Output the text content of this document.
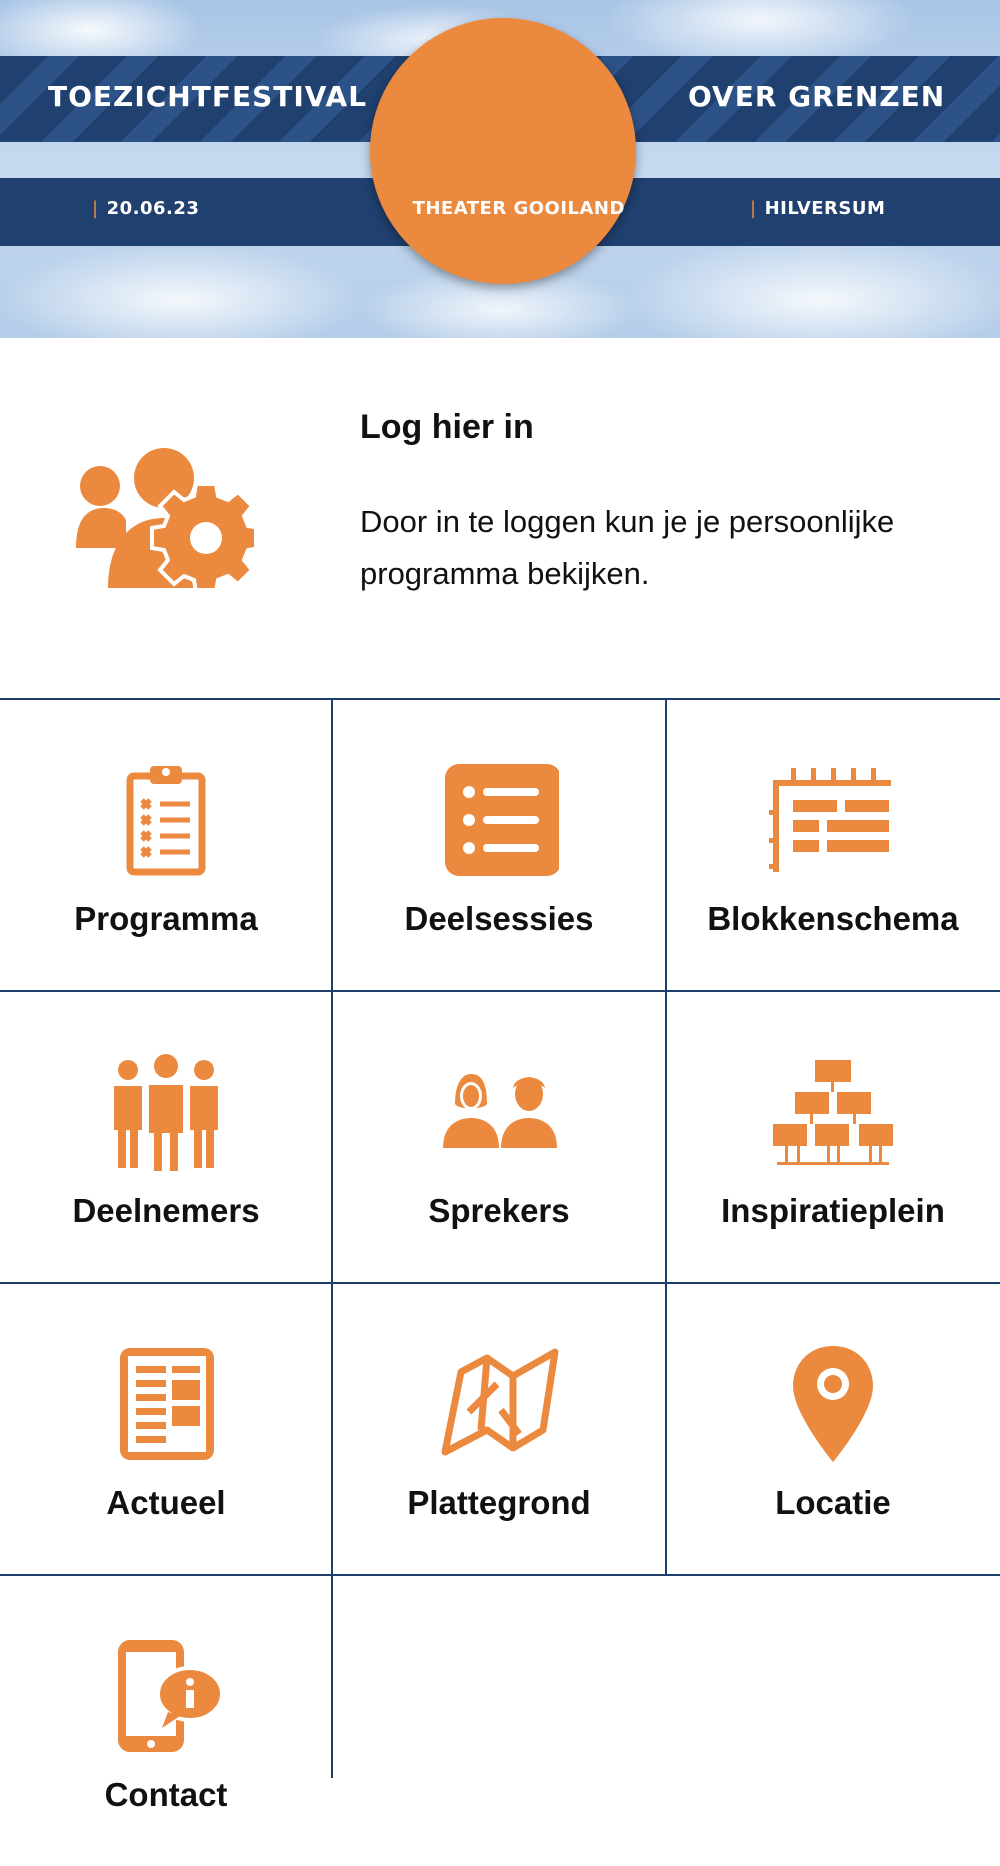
TOEZICHTFESTIVAL	OVER GRENZEN
| 20.06.23	| THEATER GOOILAND	| HILVERSUM
Log hier in
Door in te loggen kun je je persoonlijke programma bekijken.
Programma	Deelsessies	Blokkenschema
Deelnemers	Sprekers	Inspiratieplein
Actueel	Plattegrond	Locatie
Contact
